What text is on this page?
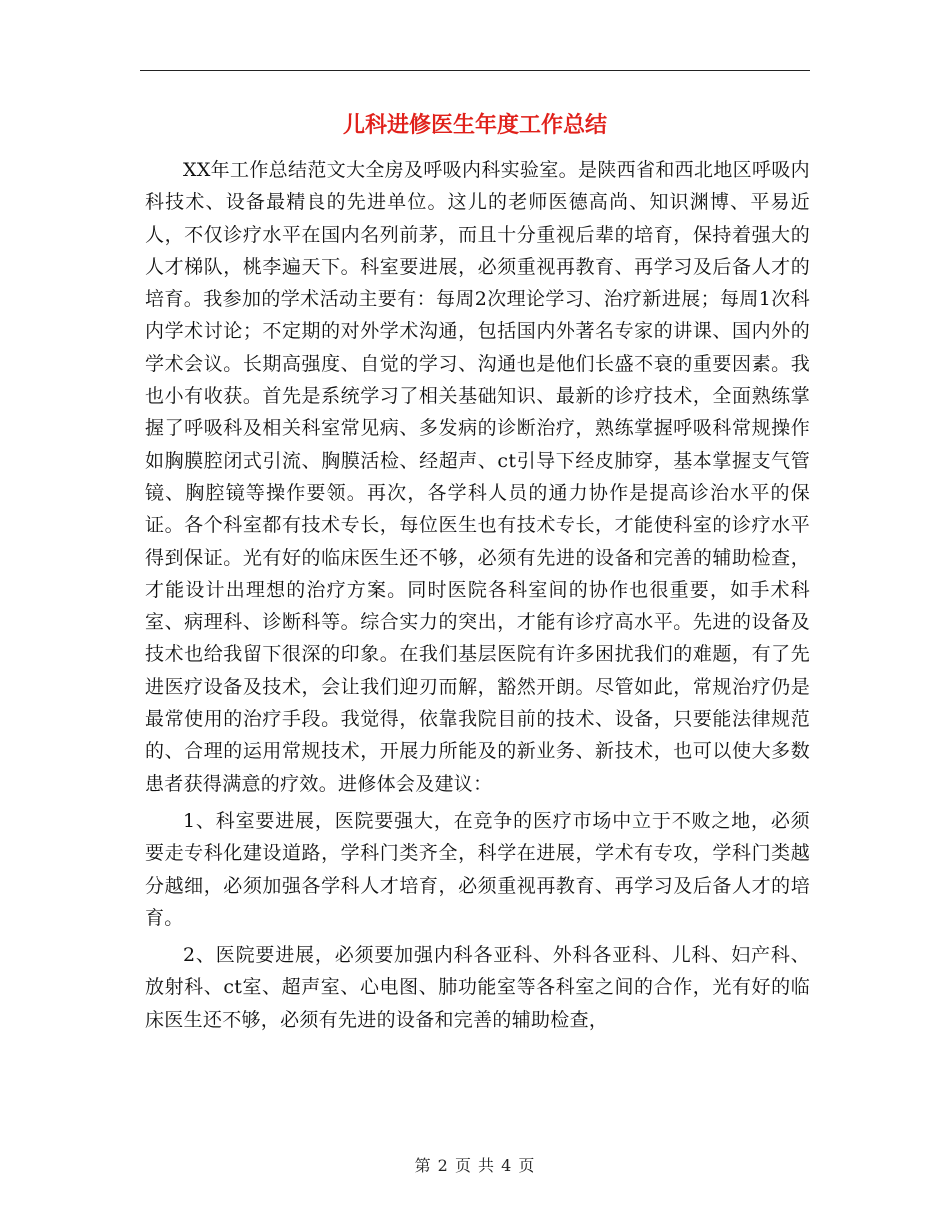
儿科进修医生年度工作总结

XX年工作总结范文大全房及呼吸内科实验室。是陕西省和西北地区呼吸内科技术、设备最精良的先进单位。这儿的老师医德高尚、知识渊博、平易近人，不仅诊疗水平在国内名列前茅，而且十分重视后辈的培育，保持着强大的人才梯队，桃李遍天下。科室要进展，必须重视再教育、再学习及后备人才的培育。我参加的学术活动主要有：每周2次理论学习、治疗新进展；每周1次科内学术讨论；不定期的对外学术沟通，包括国内外著名专家的讲课、国内外的学术会议。长期高强度、自觉的学习、沟通也是他们长盛不衰的重要因素。我也小有收获。首先是系统学习了相关基础知识、最新的诊疗技术，全面熟练掌握了呼吸科及相关科室常见病、多发病的诊断治疗，熟练掌握呼吸科常规操作如胸膜腔闭式引流、胸膜活检、经超声、ct引导下经皮肺穿，基本掌握支气管镜、胸腔镜等操作要领。再次，各学科人员的通力协作是提高诊治水平的保证。各个科室都有技术专长，每位医生也有技术专长，才能使科室的诊疗水平得到保证。光有好的临床医生还不够，必须有先进的设备和完善的辅助检查，才能设计出理想的治疗方案。同时医院各科室间的协作也很重要，如手术科室、病理科、诊断科等。综合实力的突出，才能有诊疗高水平。先进的设备及技术也给我留下很深的印象。在我们基层医院有许多困扰我们的难题，有了先进医疗设备及技术，会让我们迎刃而解，豁然开朗。尽管如此，常规治疗仍是最常使用的治疗手段。我觉得，依靠我院目前的技术、设备，只要能法律规范的、合理的运用常规技术，开展力所能及的新业务、新技术，也可以使大多数患者获得满意的疗效。进修体会及建议：

1、科室要进展，医院要强大，在竞争的医疗市场中立于不败之地，必须要走专科化建设道路，学科门类齐全，科学在进展，学术有专攻，学科门类越分越细，必须加强各学科人才培育，必须重视再教育、再学习及后备人才的培育。

2、医院要进展，必须要加强内科各亚科、外科各亚科、儿科、妇产科、放射科、ct室、超声室、心电图、肺功能室等各科室之间的合作，光有好的临床医生还不够，必须有先进的设备和完善的辅助检查，

第 2 页 共 4 页
